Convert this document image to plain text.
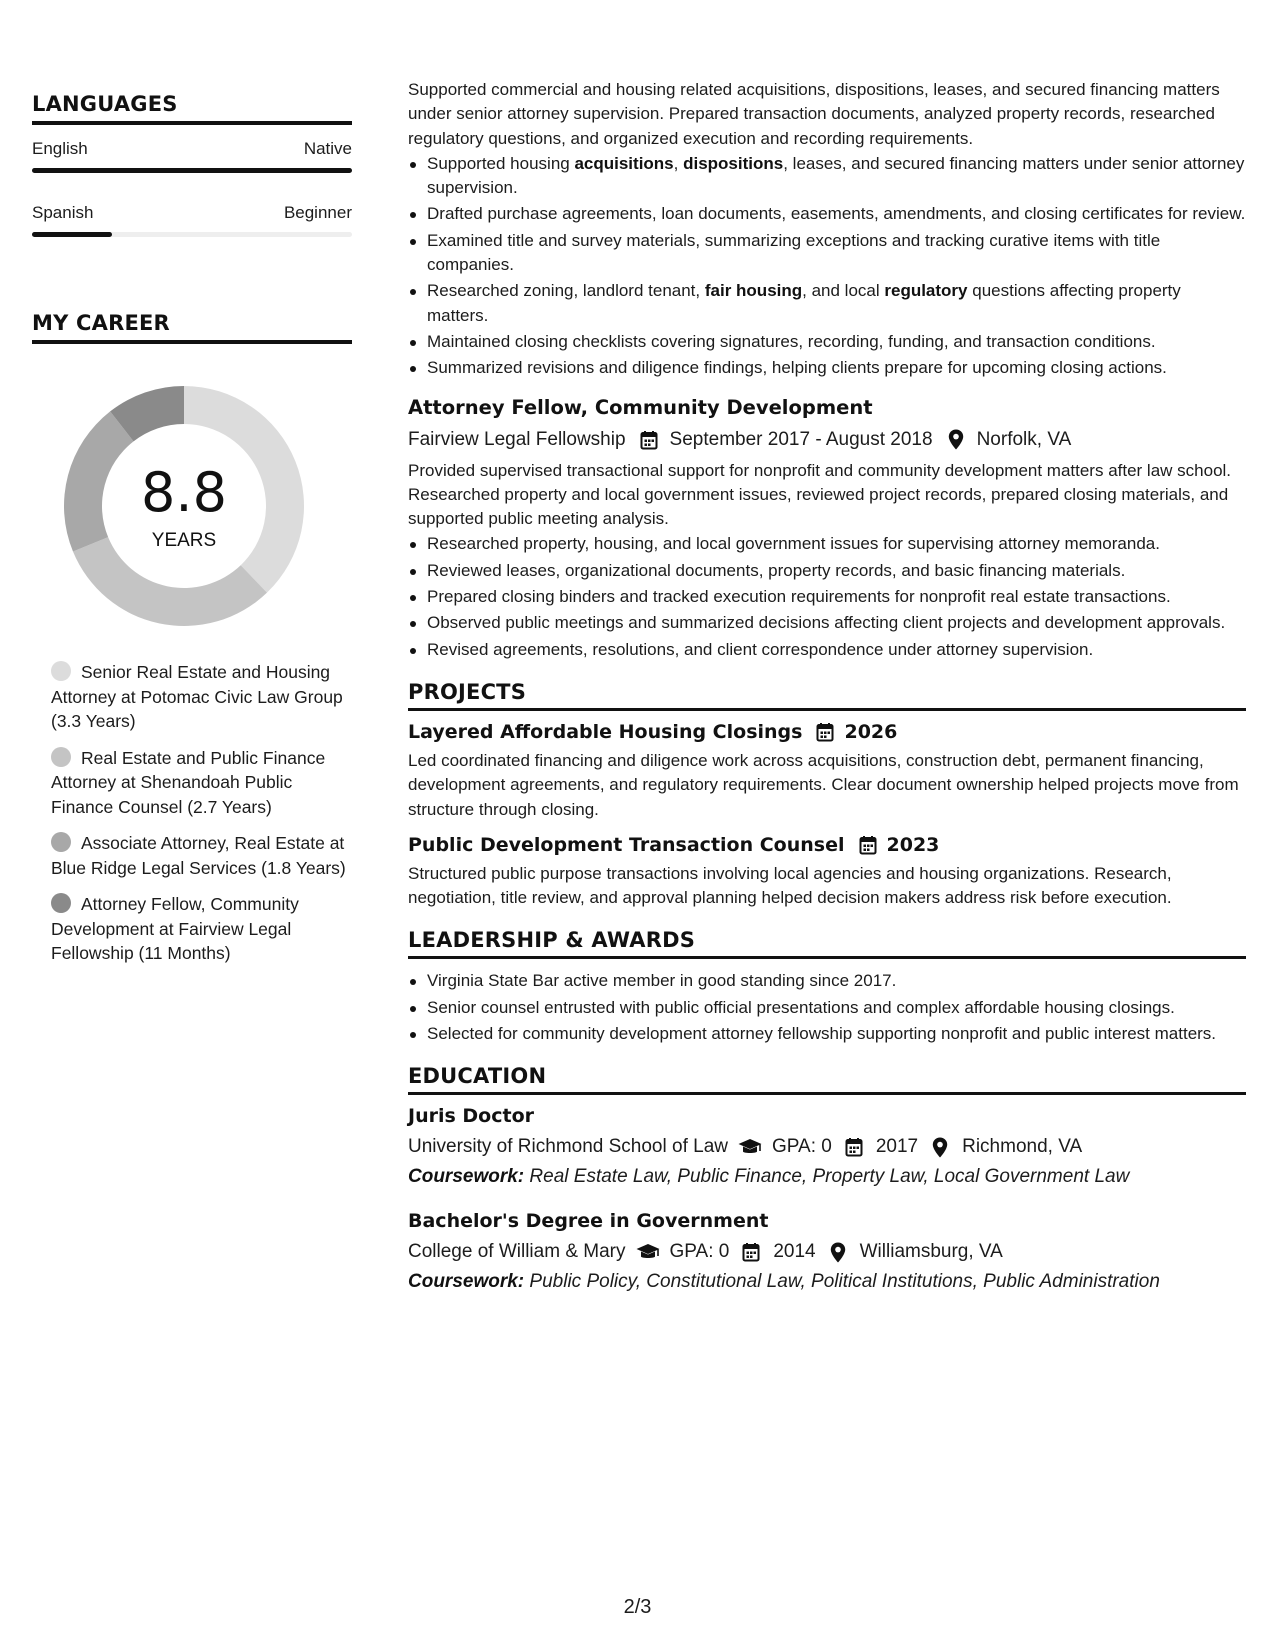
LANGUAGES
English	Native
Spanish	Beginner
MY CAREER
8.8
YEARS
Senior Real Estate and Housing Attorney at Potomac Civic Law Group (3.3 Years)
Real Estate and Public Finance Attorney at Shenandoah Public Finance Counsel (2.7 Years)
Associate Attorney, Real Estate at Blue Ridge Legal Services (1.8 Years)
Attorney Fellow, Community Development at Fairview Legal Fellowship (11 Months)

Supported commercial and housing related acquisitions, dispositions, leases, and secured financing matters under senior attorney supervision. Prepared transaction documents, analyzed property records, researched regulatory questions, and organized execution and recording requirements.

Supported housing acquisitions, dispositions, leases, and secured financing matters under senior attorney supervision.
Drafted purchase agreements, loan documents, easements, amendments, and closing certificates for review.
Examined title and survey materials, summarizing exceptions and tracking curative items with title companies.
Researched zoning, landlord tenant, fair housing, and local regulatory questions affecting property matters.
Maintained closing checklists covering signatures, recording, funding, and transaction conditions.
Summarized revisions and diligence findings, helping clients prepare for upcoming closing actions.
Attorney Fellow, Community Development
Fairview Legal Fellowship September 2017 - August 2018 Norfolk, VA

Provided supervised transactional support for nonprofit and community development matters after law school. Researched property and local government issues, reviewed project records, prepared closing materials, and supported public meeting analysis.

Researched property, housing, and local government issues for supervising attorney memoranda.
Reviewed leases, organizational documents, property records, and basic financing materials.
Prepared closing binders and tracked execution requirements for nonprofit real estate transactions.
Observed public meetings and summarized decisions affecting client projects and development approvals.
Revised agreements, resolutions, and client correspondence under attorney supervision.
PROJECTS
Layered Affordable Housing Closings 2026

Led coordinated financing and diligence work across acquisitions, construction debt, permanent financing, development agreements, and regulatory requirements. Clear document ownership helped projects move from structure through closing.

Public Development Transaction Counsel 2023

Structured public purpose transactions involving local agencies and housing organizations. Research, negotiation, title review, and approval planning helped decision makers address risk before execution.

LEADERSHIP & AWARDS
Virginia State Bar active member in good standing since 2017.
Senior counsel entrusted with public official presentations and complex affordable housing closings.
Selected for community development attorney fellowship supporting nonprofit and public interest matters.
EDUCATION
Juris Doctor
University of Richmond School of Law GPA: 0 2017 Richmond, VA
Coursework: Real Estate Law, Public Finance, Property Law, Local Government Law
Bachelor's Degree in Government
College of William & Mary GPA: 0 2014 Williamsburg, VA
Coursework: Public Policy, Constitutional Law, Political Institutions, Public Administration
2/3
